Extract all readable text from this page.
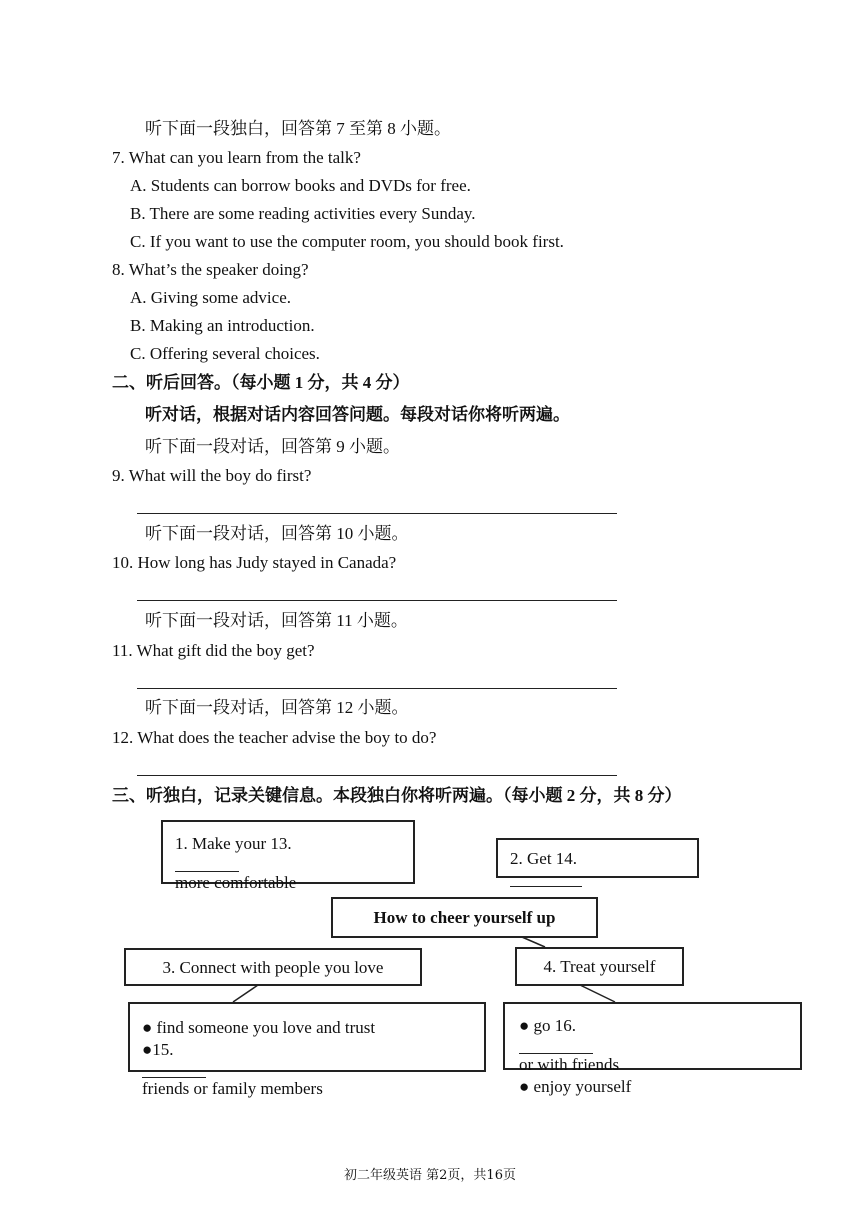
听下面一段独白，回答第 7 至第 8 小题。
7. What can you learn from the talk?
A. Students can borrow books and DVDs for free.
B. There are some reading activities every Sunday.
C. If you want to use the computer room, you should book first.
8. What’s the speaker doing?
A. Giving some advice.
B. Making an introduction.
C. Offering several choices.
二、听后回答。（每小题 1 分，共 4 分）
听对话，根据对话内容回答问题。每段对话你将听两遍。
听下面一段对话，回答第 9 小题。
9. What will the boy do first?
听下面一段对话，回答第 10 小题。
10. How long has Judy stayed in Canada?
听下面一段对话，回答第 11 小题。
11. What gift did the boy get?
听下面一段对话，回答第 12 小题。
12. What does the teacher advise the boy to do?
三、听独白，记录关键信息。本段独白你将听两遍。（每小题 2 分，共 8 分）
1. Make your 13.
more comfortable
2. Get 14.
How to cheer yourself up
3. Connect with people you love	4. Treat yourself
● find someone you love and trust
●15.
friends or family members
● go 16.
or with friends
● enjoy yourself
初二年级英语 第2页，共16页
